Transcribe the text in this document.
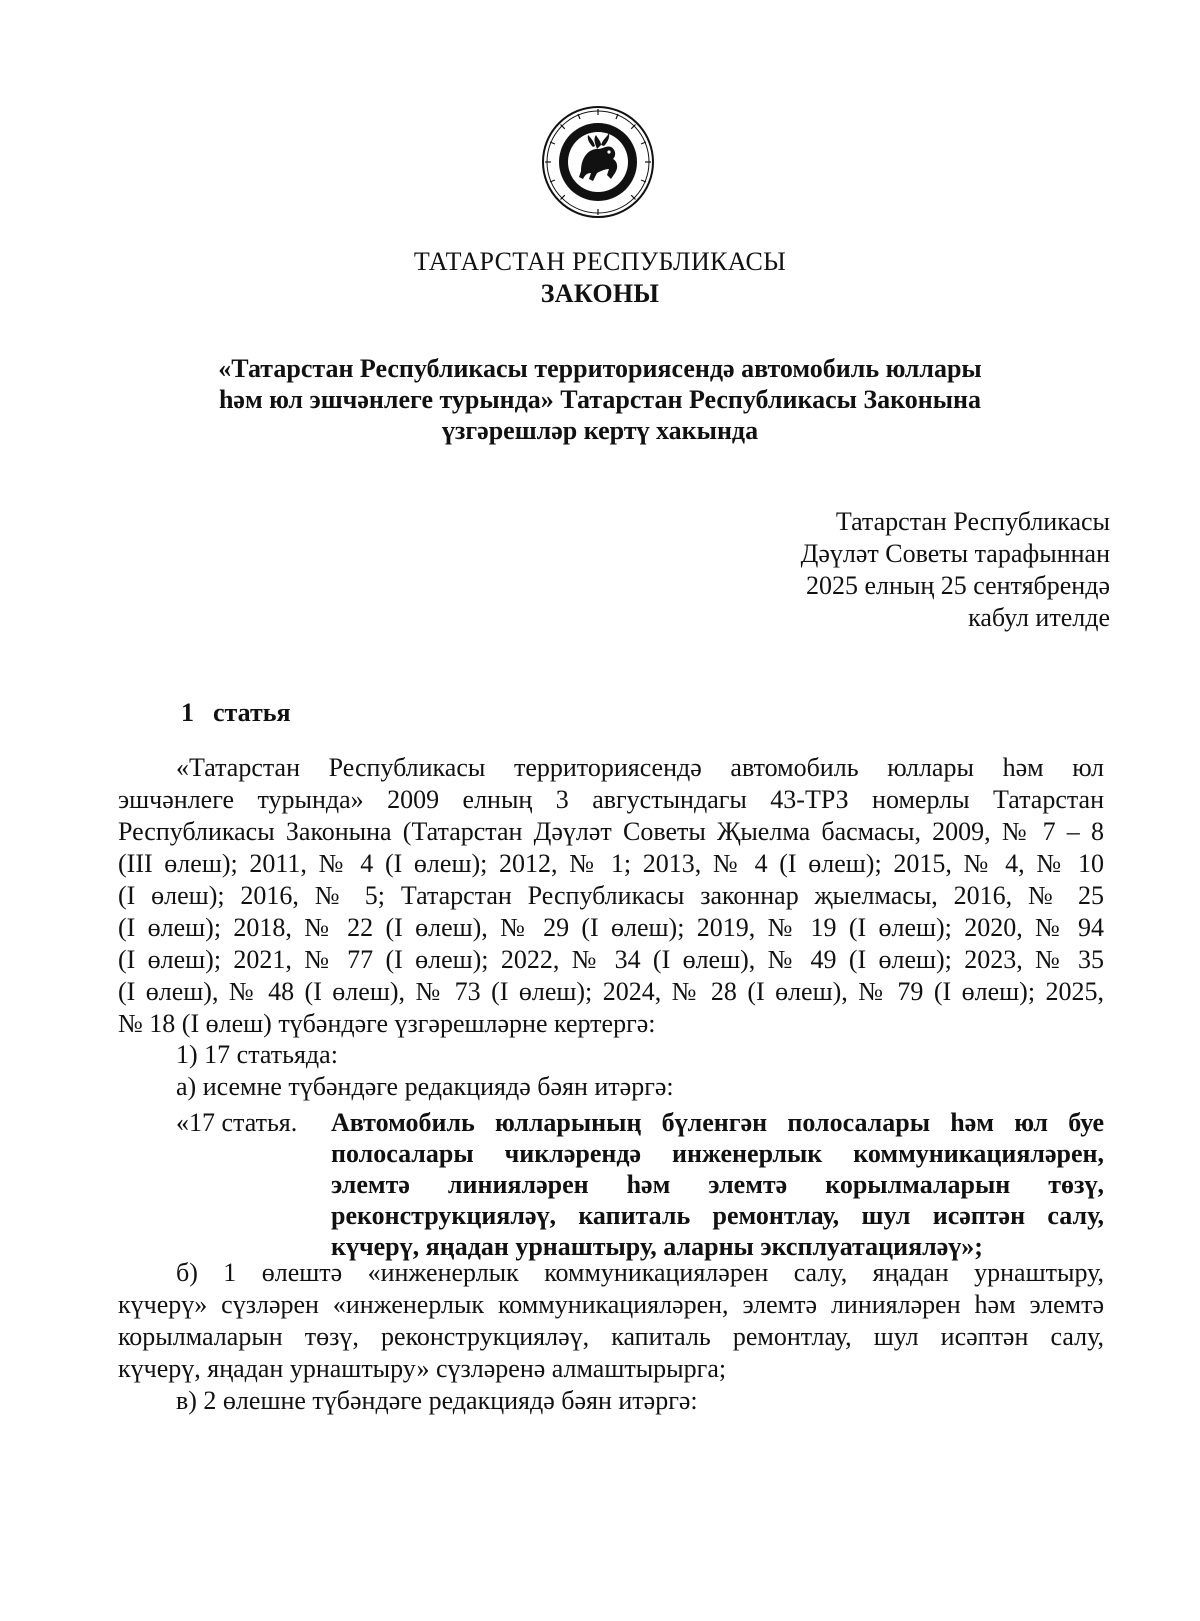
ТАТАРСТАН РЕСПУБЛИКАСЫ
ЗАКОНЫ
«Татарстан Республикасы территориясендә автомобиль юллары
һәм юл эшчәнлеге турында» Татарстан Республикасы Законына
үзгәрешләр кертү хакында
Татарстан Республикасы
Дәүләт Советы тарафыннан
2025 елның 25 сентябрендә
кабул ителде
1 статья
«Татарстан Республикасы территориясендә автомобиль юллары һәм юл
эшчәнлеге турында» 2009 елның 3 августындагы 43-ТРЗ номерлы Татарстан
Республикасы Законына (Татарстан Дәүләт Советы Җыелма басмасы, 2009, № 7 – 8
(III өлеш); 2011, № 4 (I өлеш); 2012, № 1; 2013, № 4 (I өлеш); 2015, № 4, № 10
(I өлеш); 2016, № 5; Татарстан Республикасы законнар җыелмасы, 2016, № 25
(I өлеш); 2018, № 22 (I өлеш), № 29 (I өлеш); 2019, № 19 (I өлеш); 2020, № 94
(I өлеш); 2021, № 77 (I өлеш); 2022, № 34 (I өлеш), № 49 (I өлеш); 2023, № 35
(I өлеш), № 48 (I өлеш), № 73 (I өлеш); 2024, № 28 (I өлеш), № 79 (I өлеш); 2025,
№ 18 (I өлеш) түбәндәге үзгәрешләрне кертергә:
1) 17 статьяда:
а) исемне түбәндәге редакциядә бәян итәргә:
«17 статья. Автомобиль юлларының бүленгән полосалары һәм юл буе
полосалары чикләрендә инженерлык коммуникацияләрен,
элемтә линияләрен һәм элемтә корылмаларын төзү,
реконструкцияләү, капиталь ремонтлау, шул исәптән салу,
күчерү, яңадан урнаштыру, аларны эксплуатацияләү»;
б) 1 өлештә «инженерлык коммуникацияләрен салу, яңадан урнаштыру,
күчерү» сүзләрен «инженерлык коммуникацияләрен, элемтә линияләрен һәм элемтә
корылмаларын төзү, реконструкцияләү, капиталь ремонтлау, шул исәптән салу,
күчерү, яңадан урнаштыру» сүзләренә алмаштырырга;
в) 2 өлешне түбәндәге редакциядә бәян итәргә:
